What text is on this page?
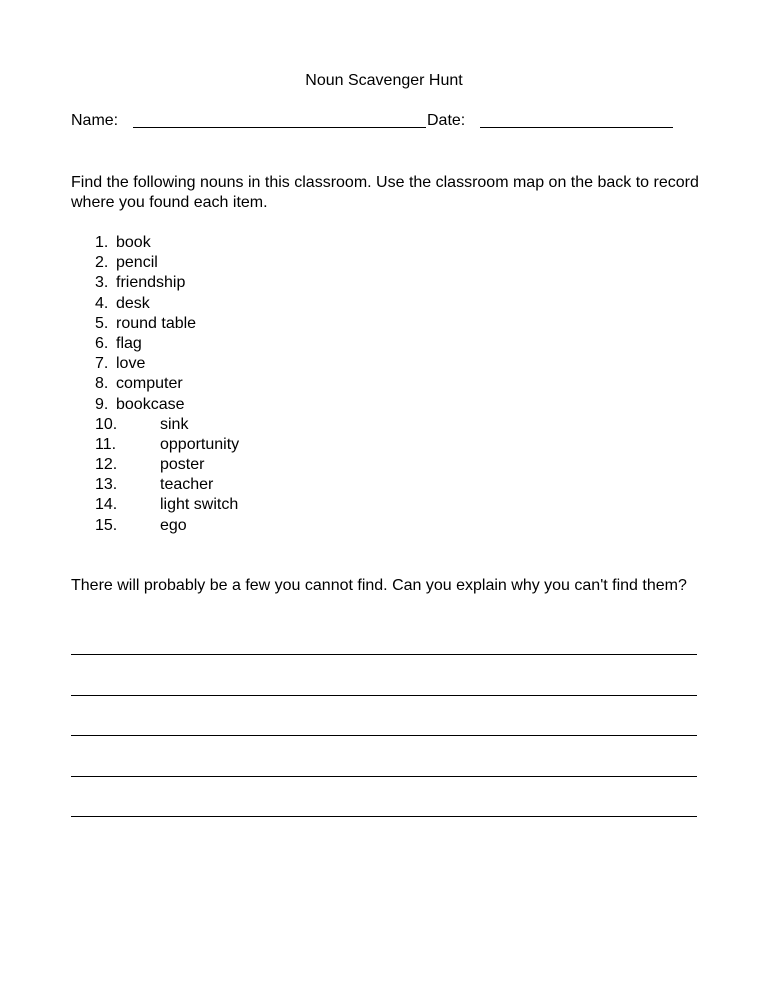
Noun Scavenger Hunt
Name:	Date:
Find the following nouns in this classroom. Use the classroom map on the back to record where you found each item.
1. book
2. pencil
3. friendship
4. desk
5. round table
6. flag
7. love
8. computer
9. bookcase
10.	sink
11.	opportunity
12.	poster
13.	teacher
14.	light switch
15.	ego
There will probably be a few you cannot find. Can you explain why you can't find them?
